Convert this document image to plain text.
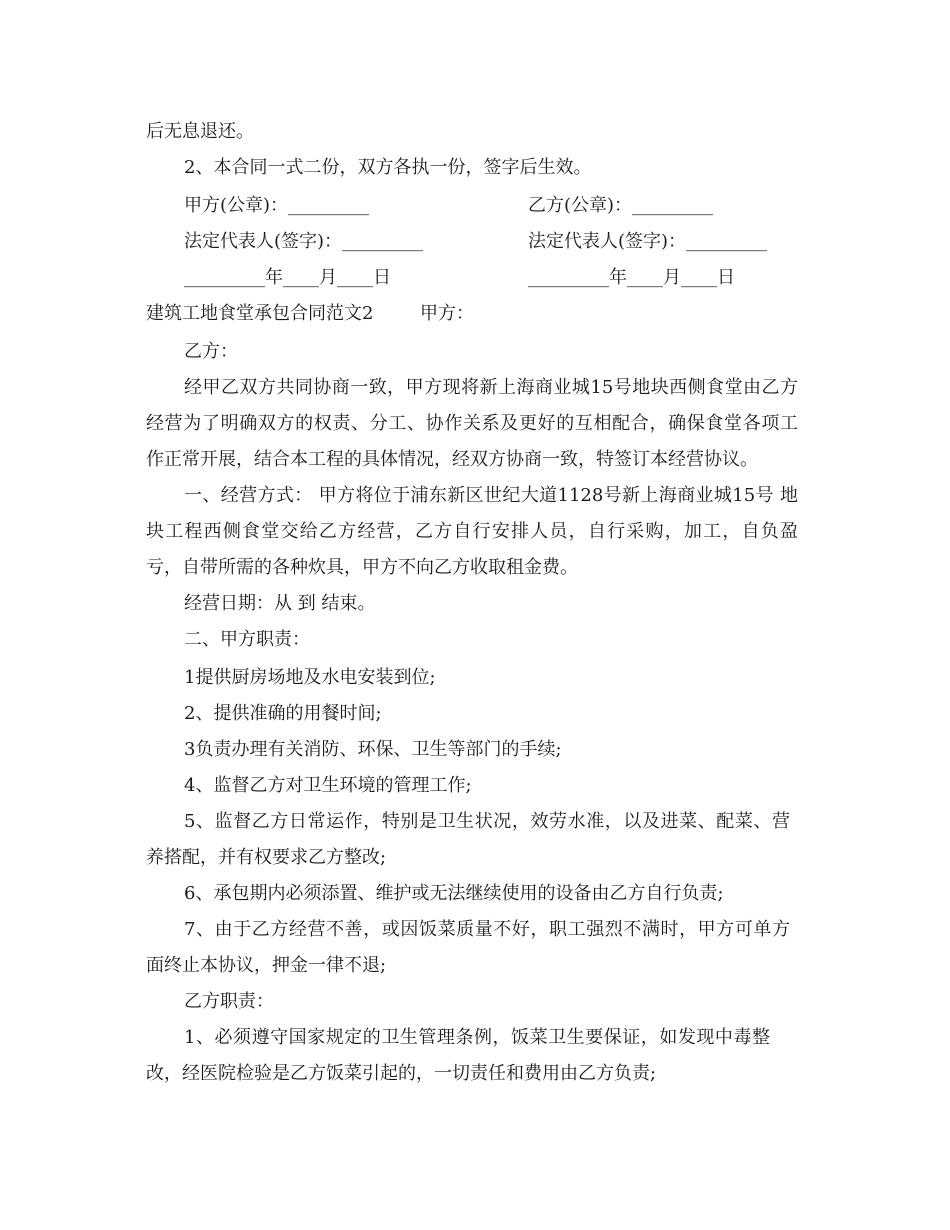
后无息退还。
2、本合同一式二份，双方各执一份，签字后生效。
甲方(公章)：_________	乙方(公章)：_________
法定代表人(签字)：_________	法定代表人(签字)：_________
_________年____月____日	_________年____月____日
建筑工地食堂承包合同范文2	甲方：
乙方：
经甲乙双方共同协商一致，甲方现将新上海商业城15号地块西侧食堂由乙方
经营为了明确双方的权责、分工、协作关系及更好的互相配合，确保食堂各项工
作正常开展，结合本工程的具体情况，经双方协商一致，特签订本经营协议。
一、经营方式： 甲方将位于浦东新区世纪大道1128号新上海商业城15号 地
块工程西侧食堂交给乙方经营，乙方自行安排人员，自行采购，加工，自负盈
亏，自带所需的各种炊具，甲方不向乙方收取租金费。
经营日期：从 到 结束。
二、甲方职责：
1提供厨房场地及水电安装到位;
2、提供准确的用餐时间;
3负责办理有关消防、环保、卫生等部门的手续;
4、监督乙方对卫生环境的管理工作;
5、监督乙方日常运作，特别是卫生状况，效劳水准，以及进菜、配菜、营
养搭配，并有权要求乙方整改;
6、承包期内必须添置、维护或无法继续使用的设备由乙方自行负责;
7、由于乙方经营不善，或因饭菜质量不好，职工强烈不满时，甲方可单方
面终止本协议，押金一律不退;
乙方职责：
1、必须遵守国家规定的卫生管理条例，饭菜卫生要保证，如发现中毒整
改，经医院检验是乙方饭菜引起的，一切责任和费用由乙方负责;
